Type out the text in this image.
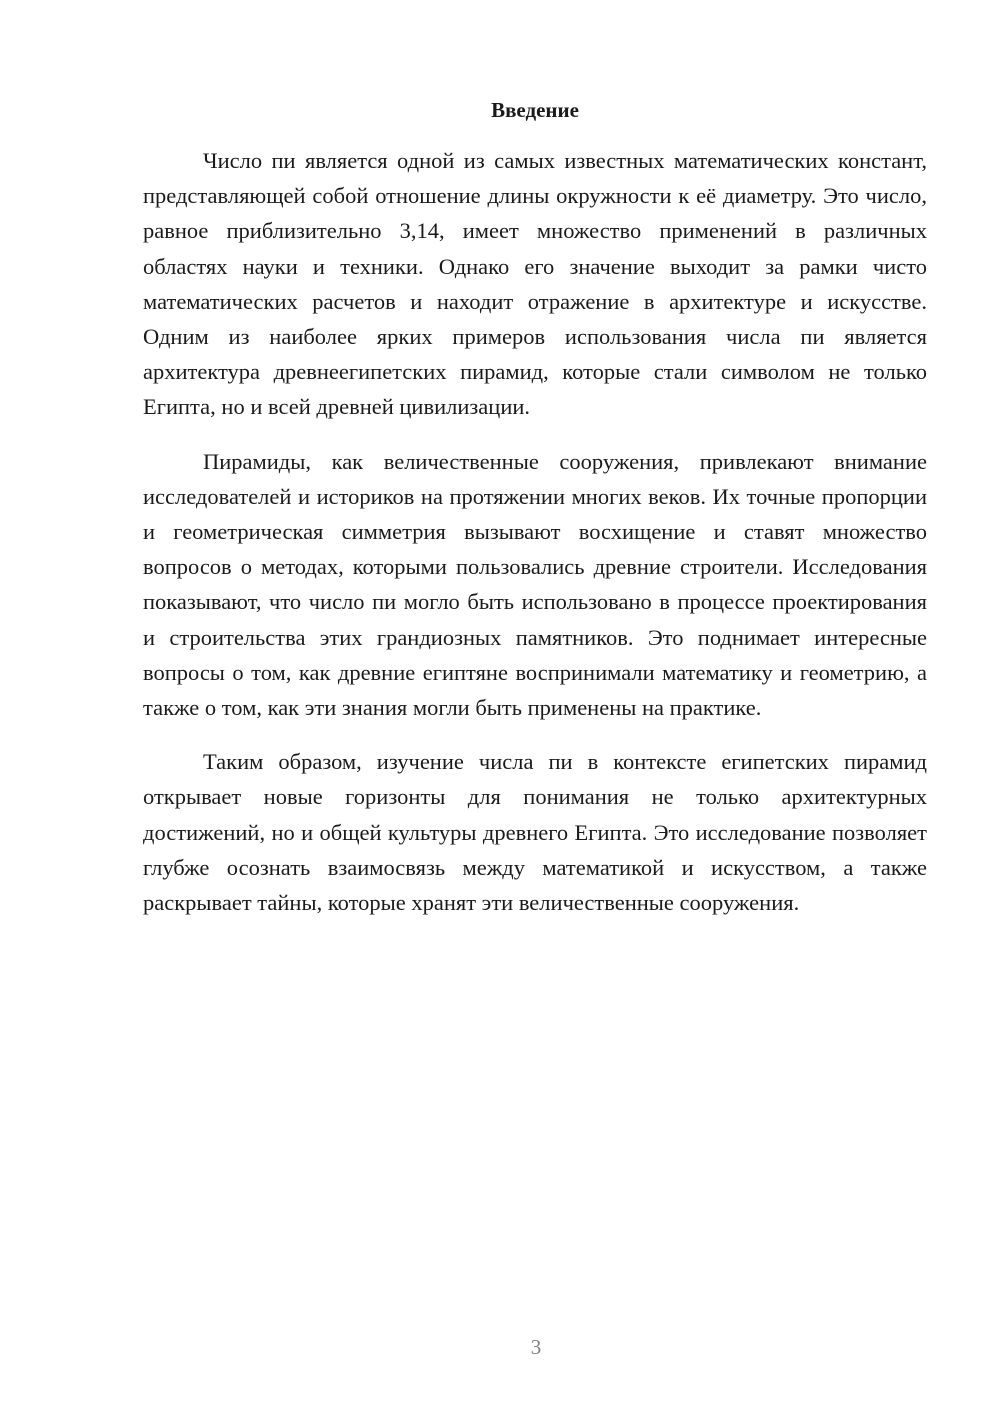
Введение

Число пи является одной из самых известных математических констант, представляющей собой отношение длины окружности к её диаметру. Это число, равное приблизительно 3,14, имеет множество применений в различных областях науки и техники. Однако его значение выходит за рамки чисто математических расчетов и находит отражение в архитектуре и искусстве. Одним из наиболее ярких примеров использования числа пи является архитектура древнеегипетских пирамид, которые стали символом не только Египта, но и всей древней цивилизации.

Пирамиды, как величественные сооружения, привлекают внимание исследователей и историков на протяжении многих веков. Их точные пропорции и геометрическая симметрия вызывают восхищение и ставят множество вопросов о методах, которыми пользовались древние строители. Исследования показывают, что число пи могло быть использовано в процессе проектирования и строительства этих грандиозных памятников. Это поднимает интересные вопросы о том, как древние египтяне воспринимали математику и геометрию, а также о том, как эти знания могли быть применены на практике.

Таким образом, изучение числа пи в контексте египетских пирамид открывает новые горизонты для понимания не только архитектурных достижений, но и общей культуры древнего Египта. Это исследование позволяет глубже осознать взаимосвязь между математикой и искусством, а также раскрывает тайны, которые хранят эти величественные сооружения.

3
